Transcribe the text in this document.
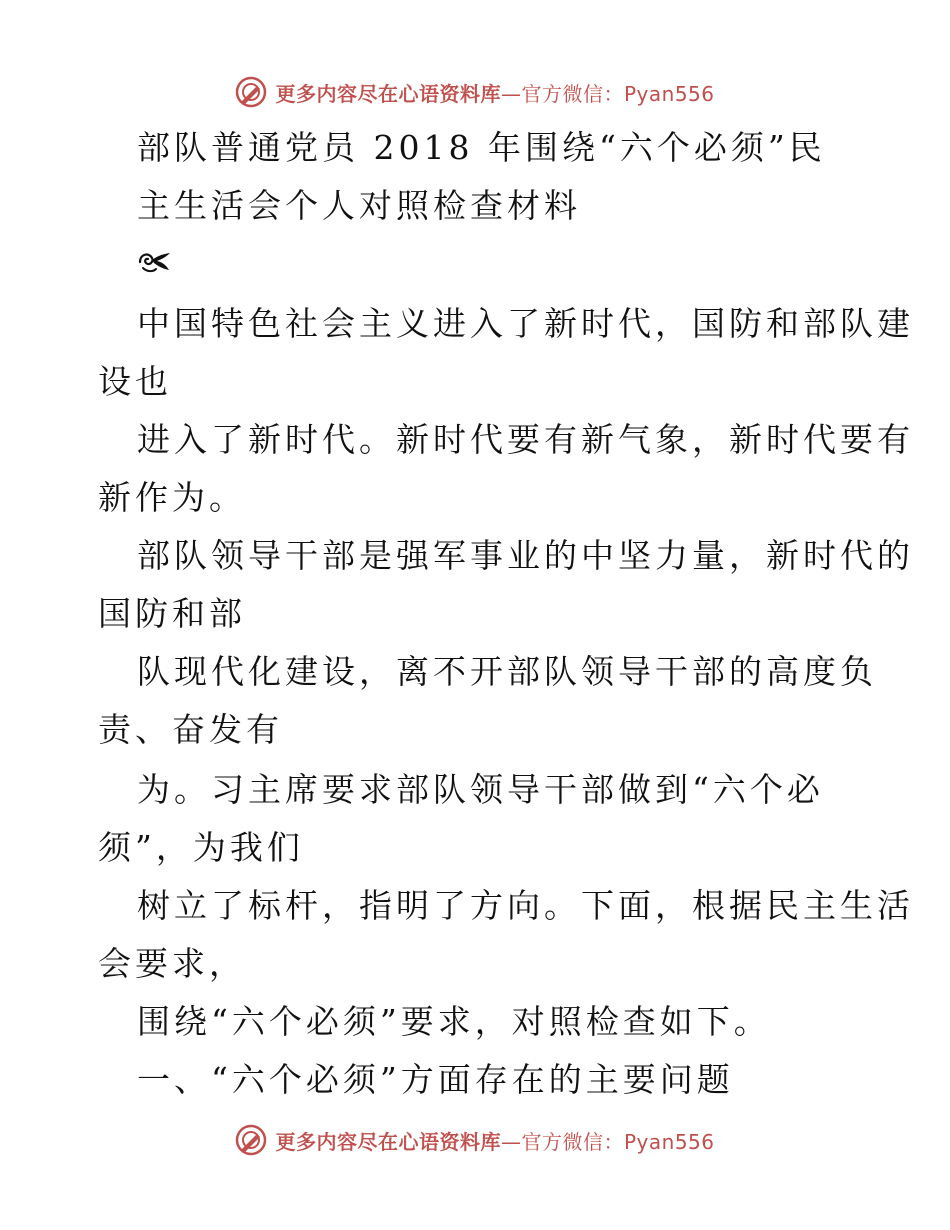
更多内容尽在心语资料库—官方微信：Pyan556
部队普通党员 2018 年围绕“六个必须”民
主生活会个人对照检查材料
中国特色社会主义进入了新时代，国防和部队建
设也
进入了新时代。新时代要有新气象，新时代要有
新作为。
部队领导干部是强军事业的中坚力量，新时代的
国防和部
队现代化建设，离不开部队领导干部的高度负
责、奋发有
为。习主席要求部队领导干部做到“六个必
须”，为我们
树立了标杆，指明了方向。下面，根据民主生活
会要求，
围绕“六个必须”要求，对照检查如下。
一、“六个必须”方面存在的主要问题
更多内容尽在心语资料库—官方微信：Pyan556
